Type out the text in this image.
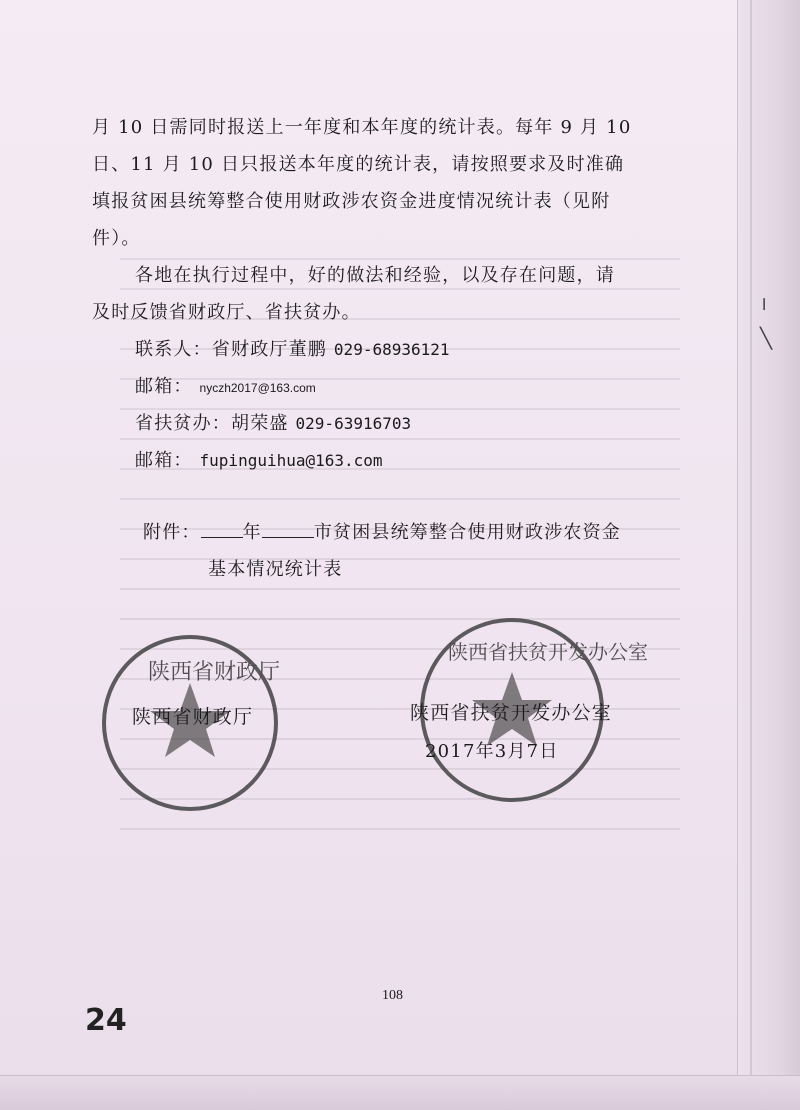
╵
╲
月 10 日需同时报送上一年度和本年度的统计表。每年 9 月 10
日、11 月 10 日只报送本年度的统计表，请按照要求及时准确
填报贫困县统筹整合使用财政涉农资金进度情况统计表（见附
件）。
各地在执行过程中，好的做法和经验，以及存在问题，请
及时反馈省财政厅、省扶贫办。
联系人：省财政厅董鹏 029-68936121
邮箱： nyczh2017@163.com
省扶贫办：胡荣盛 029-63916703
邮箱： fupinguihua@163.com
附件： 年	市贫困县统筹整合使用财政涉农资金
基本情况统计表
陕西省财政厅
陕西省财政厅
陕西省扶贫开发办公室
陕西省扶贫开发办公室
2017年3月7日
108
24
